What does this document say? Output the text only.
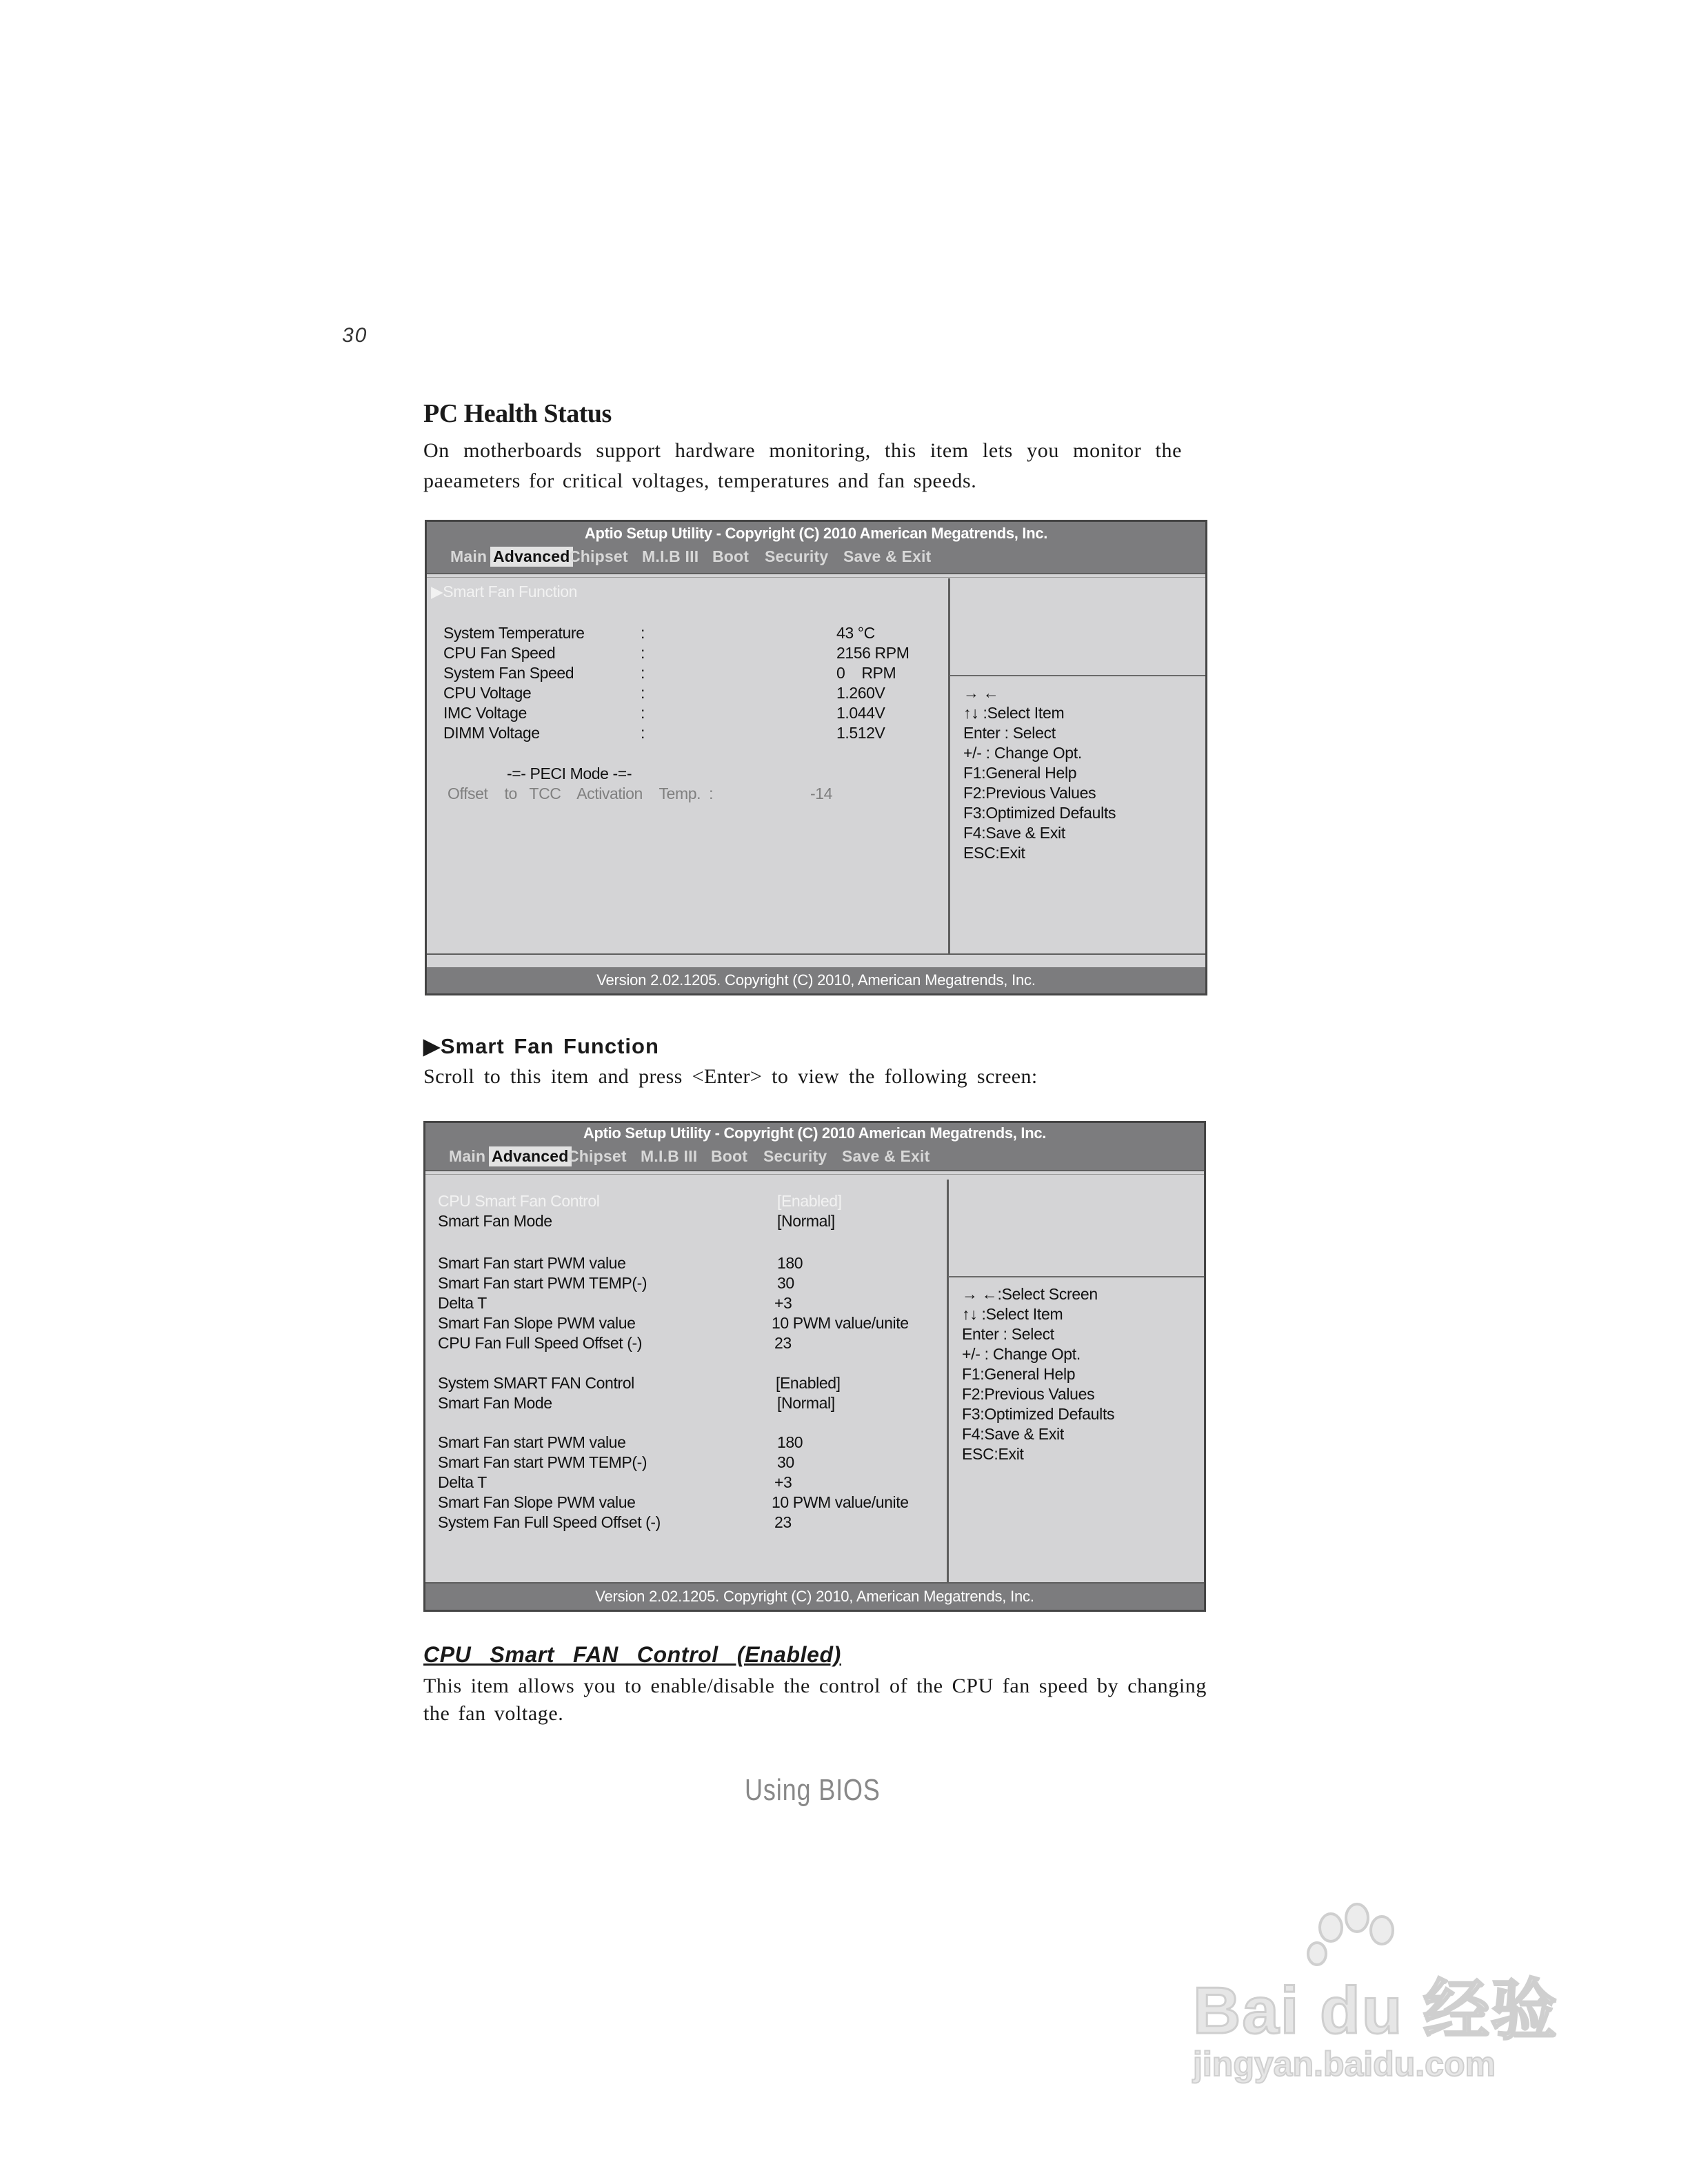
30
PC Health Status
On motherboards support hardware monitoring, this item lets you monitor the

paeameters for critical voltages, temperatures and fan speeds.
Aptio Setup Utility - Copyright (C) 2010 American Megatrends, Inc.
Main Advanced
Chipset M.I.B III Boot Security Save & Exit
▶Smart Fan Function
System Temperature	:	43 °C
CPU Fan Speed	:	2156 RPM
System Fan Speed	:	0    RPM
CPU Voltage	:	1.260V
IMC Voltage	:	1.044V
DIMM Voltage	:	1.512V
-=- PECI Mode -=-
Offset    to   TCC    Activation    Temp.  :	-14
→ ←
↑↓ :Select Item
Enter : Select
+/- : Change Opt.
F1:General Help
F2:Previous Values
F3:Optimized Defaults
F4:Save & Exit
ESC:Exit
Version 2.02.1205. Copyright (C) 2010, American Megatrends, Inc.
▶Smart Fan Function
Scroll to this item and press <Enter> to view the following screen:
Aptio Setup Utility - Copyright (C) 2010 American Megatrends, Inc.
Main Advanced
Chipset M.I.B III Boot Security Save & Exit
CPU Smart Fan Control	[Enabled]
Smart Fan Mode	[Normal]
Smart Fan start PWM value	180
Smart Fan start PWM TEMP(-)	30
Delta T	+3
Smart Fan Slope PWM value	10 PWM value/unite
CPU Fan Full Speed Offset (-)	23
System SMART FAN Control	[Enabled]
Smart Fan Mode	[Normal]
Smart Fan start PWM value	180
Smart Fan start PWM TEMP(-)	30
Delta T	+3
Smart Fan Slope PWM value	10 PWM value/unite
System Fan Full Speed Offset (-)	23
→ ←:Select Screen
↑↓ :Select Item
Enter : Select
+/- : Change Opt.
F1:General Help
F2:Previous Values
F3:Optimized Defaults
F4:Save & Exit
ESC:Exit
Version 2.02.1205. Copyright (C) 2010, American Megatrends, Inc.
CPU  Smart  FAN  Control  (Enabled)
This item allows you to enable/disable the control of the CPU fan speed by changing

the fan voltage.
Using BIOS
Bai du 经验
jingyan.baidu.com
